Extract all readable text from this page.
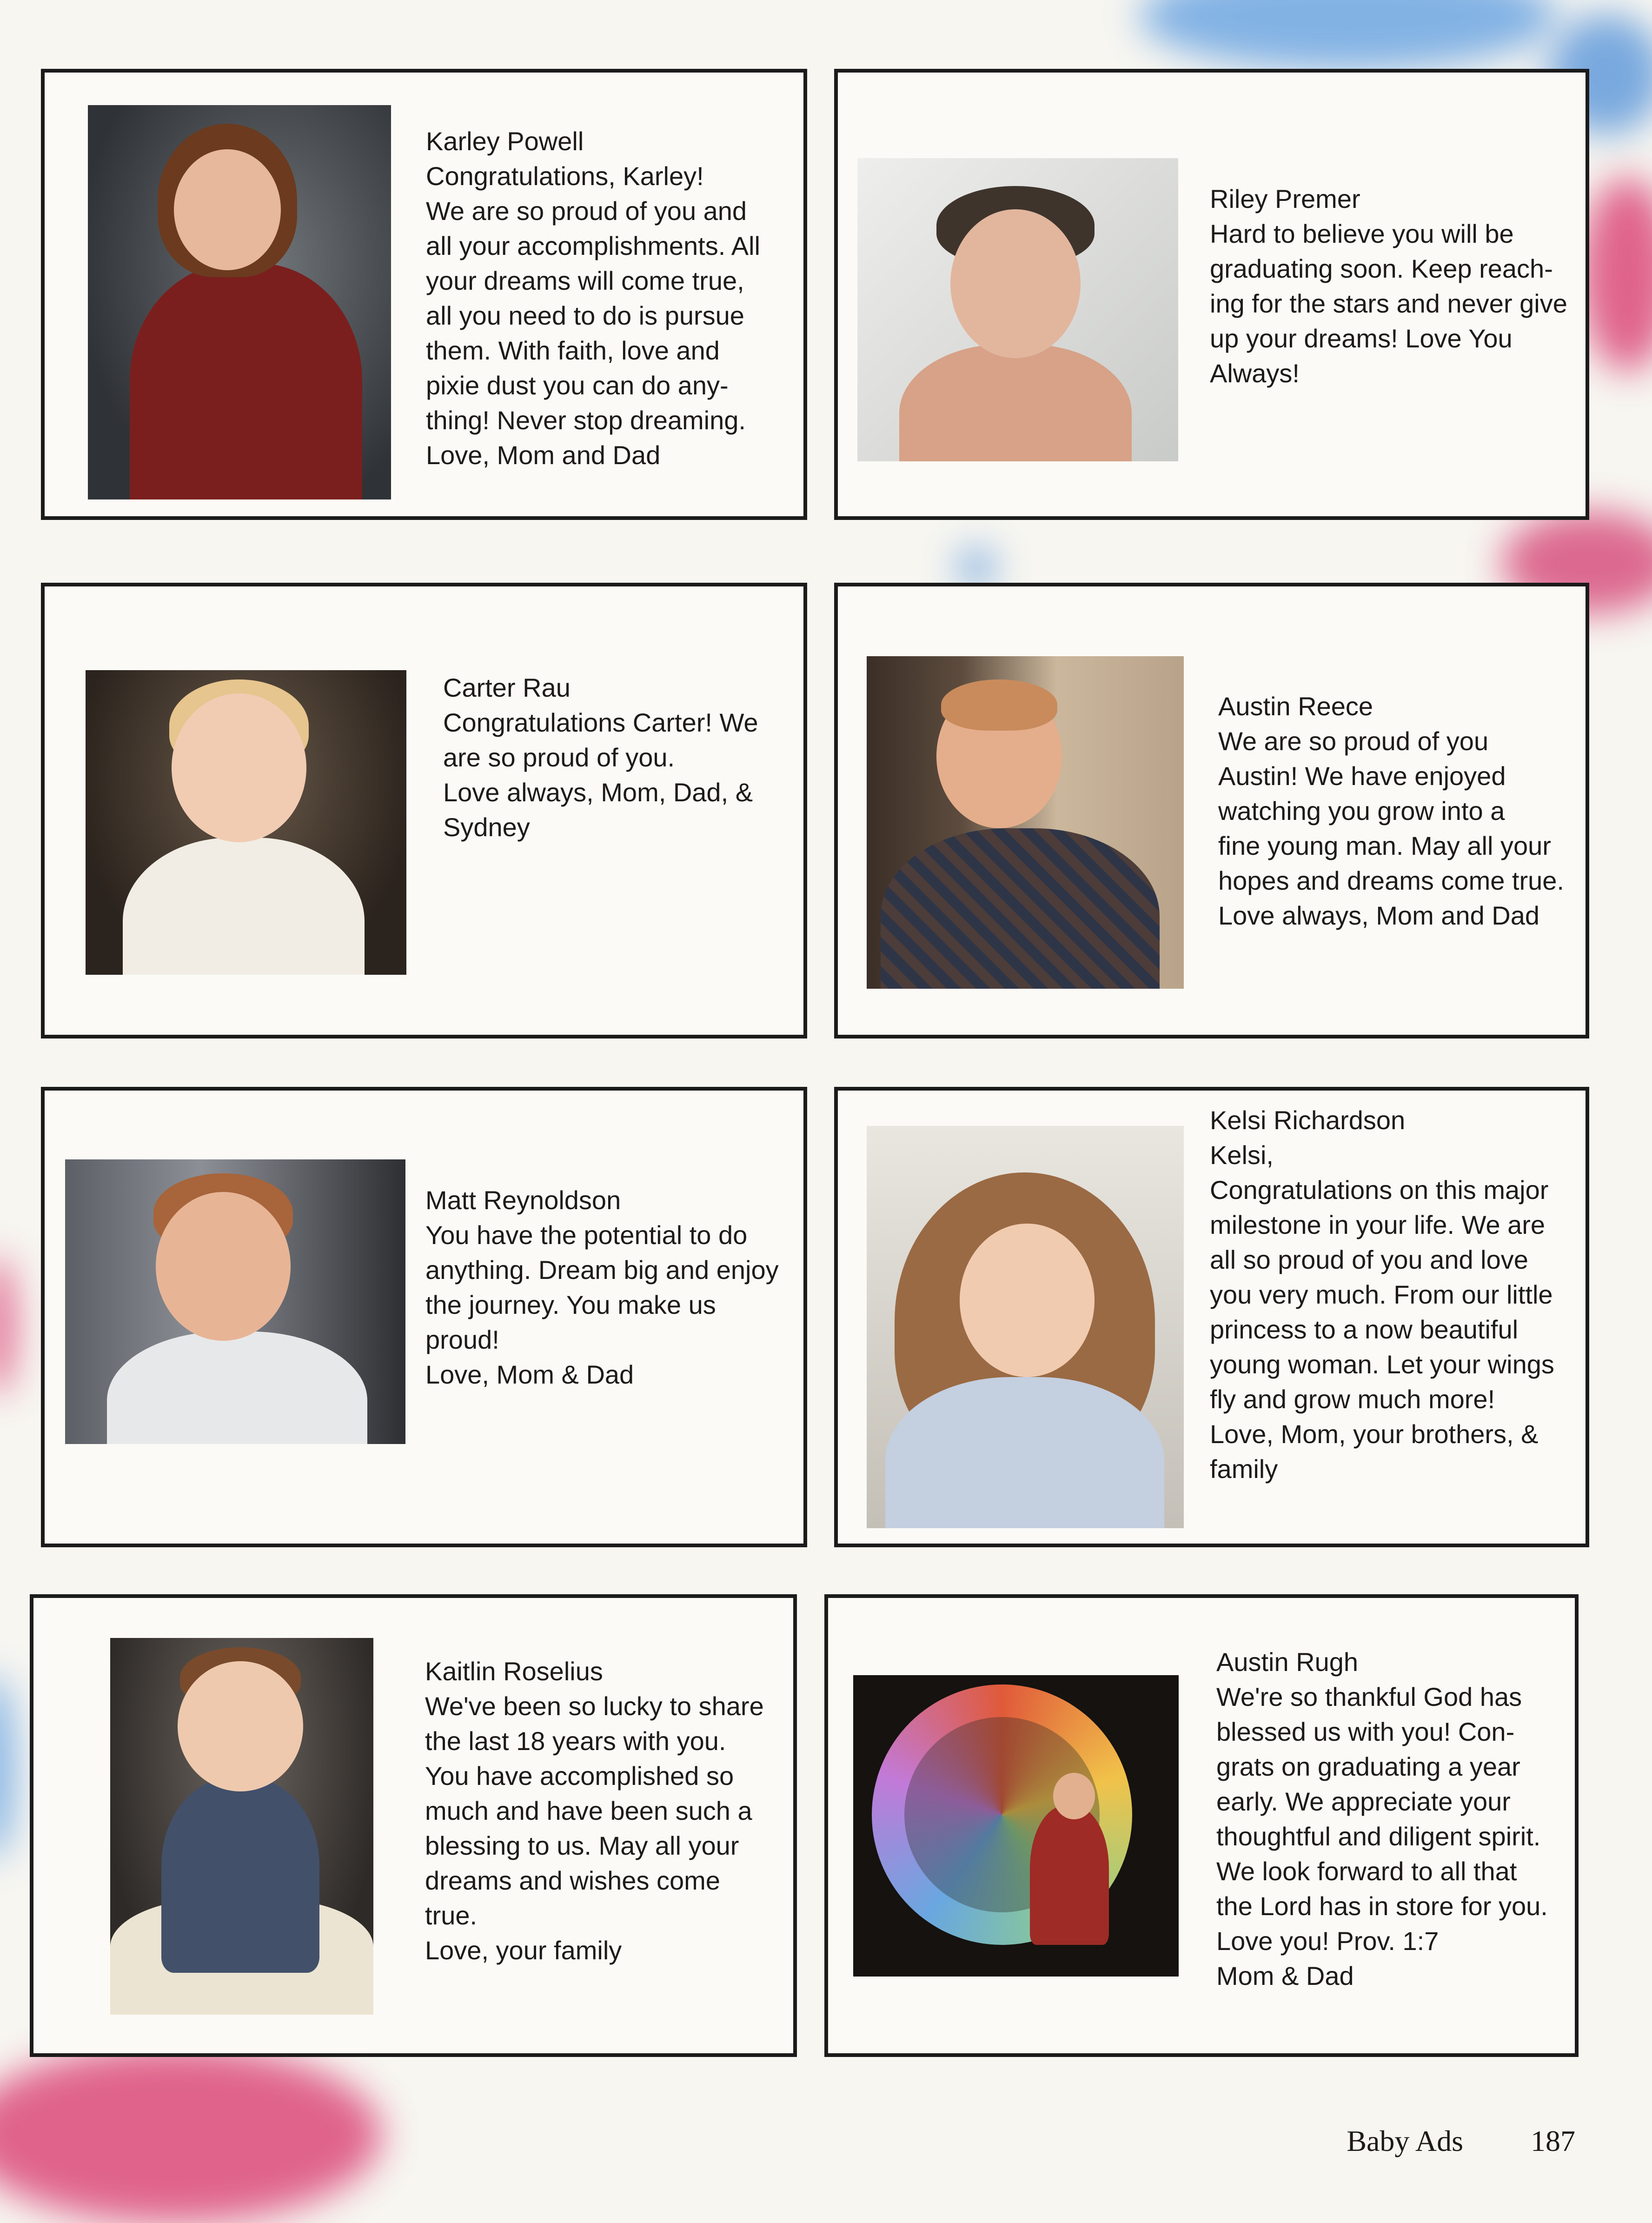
Karley Powell
Congratulations, Karley!
We are so proud of you and
all your accomplishments. All
your dreams will come true,
all you need to do is pursue
them. With faith, love and
pixie dust you can do any-
thing! Never stop dreaming.
Love, Mom and Dad
Riley Premer
Hard to believe you will be
graduating soon. Keep reach-
ing for the stars and never give
up your dreams! Love You
Always!
Carter Rau
Congratulations Carter! We
are so proud of you.
Love always, Mom, Dad, &
Sydney
Austin Reece
We are so proud of you
Austin! We have enjoyed
watching you grow into a
fine young man. May all your
hopes and dreams come true.
Love always, Mom and Dad
Matt Reynoldson
You have the potential to do
anything. Dream big and enjoy
the journey. You make us
proud!
Love, Mom & Dad
Kelsi Richardson
Kelsi,
Congratulations on this major
milestone in your life. We are
all so proud of you and love
you very much. From our little
princess to a now beautiful
young woman. Let your wings
fly and grow much more!
Love, Mom, your brothers, &
family
Kaitlin Roselius
We've been so lucky to share
the last 18 years with you.
You have accomplished so
much and have been such a
blessing to us. May all your
dreams and wishes come
true.
Love, your family
Austin Rugh
We're so thankful God has
blessed us with you! Con-
grats on graduating a year
early. We appreciate your
thoughtful and diligent spirit.
We look forward to all that
the Lord has in store for you.
Love you! Prov. 1:7
Mom & Dad
Baby Ads 187
